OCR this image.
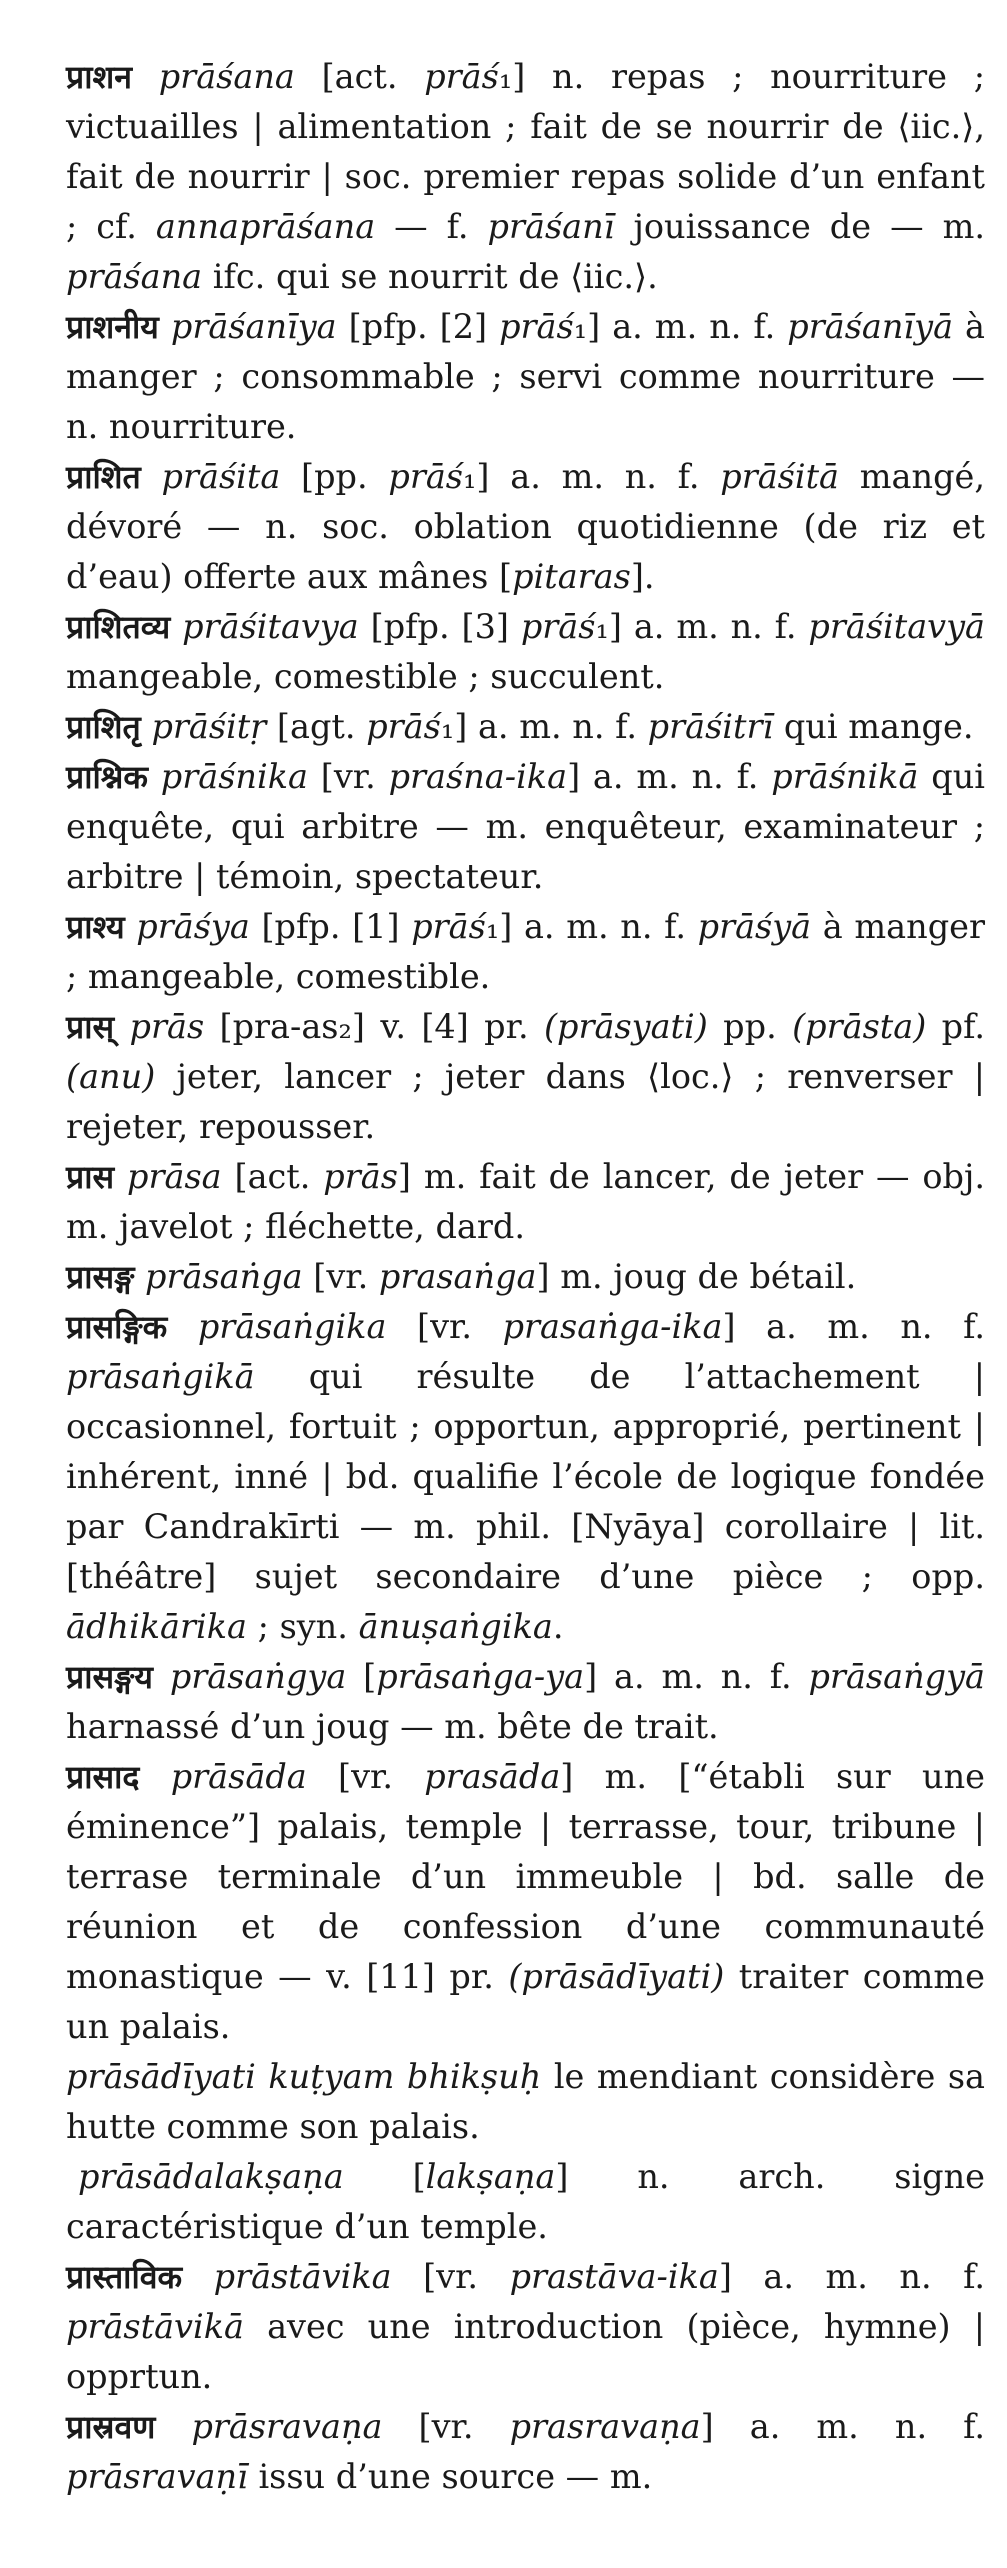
प्राशन prāśana [act. prāś₁] n. repas ; nourriture ; victuailles | alimentation ; fait de se nourrir de ⟨iic.⟩, fait de nourrir | soc. premier repas solide d’un enfant ; cf. annaprāśana — f. prāśanī jouissance de — m. prāśana ifc. qui se nourrit de ⟨iic.⟩.

प्राशनीय prāśanīya [pfp. [2] prāś₁] a. m. n. f. prāśanīyā à manger ; consommable ; servi comme nourriture — n. nourriture.

प्राशित prāśita [pp. prāś₁] a. m. n. f. prāśitā mangé, dévoré — n. soc. oblation quotidienne (de riz et d’eau) offerte aux mânes [pitaras].

प्राशितव्य prāśitavya [pfp. [3] prāś₁] a. m. n. f. prāśitavyā mangeable, comestible ; succulent.

प्राशितृ prāśitṛ [agt. prāś₁] a. m. n. f. prāśitrī qui mange.

प्राश्निक prāśnika [vr. praśna-ika] a. m. n. f. prāśnikā qui enquête, qui arbitre — m. enquêteur, examinateur ; arbitre | témoin, spectateur.

प्राश्य prāśya [pfp. [1] prāś₁] a. m. n. f. prāśyā à manger ; mangeable, comestible.

प्रास् prās [pra-as₂] v. [4] pr. (prāsyati) pp. (prāsta) pf. (anu) jeter, lancer ; jeter dans ⟨loc.⟩ ; renverser | rejeter, repousser.

प्रास prāsa [act. prās] m. fait de lancer, de jeter — obj. m. javelot ; fléchette, dard.

प्रासङ्ग prāsaṅga [vr. prasaṅga] m. joug de bétail.

प्रासङ्गिक prāsaṅgika [vr. prasaṅga-ika] a. m. n. f. prāsaṅgikā qui résulte de l’attachement | occasionnel, fortuit ; opportun, approprié, pertinent | inhérent, inné | bd. qualifie l’école de logique fondée par Candrakīrti — m. phil. [Nyāya] corollaire | lit. [théâtre] sujet secondaire d’une pièce ; opp. ādhikārika ; syn. ānuṣaṅgika.

प्रासङ्गय prāsaṅgya [prāsaṅga-ya] a. m. n. f. prāsaṅgyā harnassé d’un joug — m. bête de trait.

प्रासाद prāsāda [vr. prasāda] m. [“établi sur une éminence”] palais, temple | terrasse, tour, tribune | terrase terminale d’un immeuble | bd. salle de réunion et de confession d’une communauté monastique — v. [11] pr. (prāsādīyati) traiter comme un palais.

prāsādīyati kuṭyam bhikṣuḥ le mendiant considère sa hutte comme son palais.

prāsādalakṣaṇa [lakṣaṇa] n. arch. signe caractéristique d’un temple.

प्रास्ताविक prāstāvika [vr. prastāva-ika] a. m. n. f. prāstāvikā avec une introduction (pièce, hymne) | opprtun.

प्रास्रवण prāsravaṇa [vr. prasravaṇa] a. m. n. f. prāsravaṇī issu d’une source — m.
